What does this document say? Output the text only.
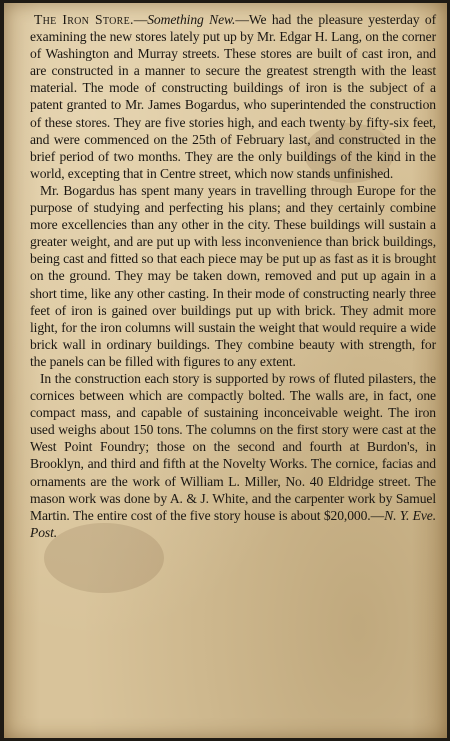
The Iron Store.—Something New.—We had the pleasure yesterday of examining the new stores lately put up by Mr. Edgar H. Lang, on the corner of Washington and Murray streets. These stores are built of cast iron, and are constructed in a manner to secure the greatest strength with the least material. The mode of constructing buildings of iron is the subject of a patent granted to Mr. James Bogardus, who superintended the construction of these stores. They are five stories high, and each twenty by fifty-six feet, and were commenced on the 25th of February last, and constructed in the brief period of two months. They are the only buildings of the kind in the world, excepting that in Centre street, which now stands unfinished.

Mr. Bogardus has spent many years in travelling through Europe for the purpose of studying and perfecting his plans; and they certainly combine more excellencies than any other in the city. These buildings will sustain a greater weight, and are put up with less inconvenience than brick buildings, being cast and fitted so that each piece may be put up as fast as it is brought on the ground. They may be taken down, removed and put up again in a short time, like any other casting. In their mode of constructing nearly three feet of iron is gained over buildings put up with brick. They admit more light, for the iron columns will sustain the weight that would require a wide brick wall in ordinary buildings. They combine beauty with strength, for the panels can be filled with figures to any extent.

In the construction each story is supported by rows of fluted pilasters, the cornices between which are compactly bolted. The walls are, in fact, one compact mass, and capable of sustaining inconceivable weight. The iron used weighs about 150 tons. The columns on the first story were cast at the West Point Foundry; those on the second and fourth at Burdon's, in Brooklyn, and third and fifth at the Novelty Works. The cornice, facias and ornaments are the work of William L. Miller, No. 40 Eldridge street. The mason work was done by A. & J. White, and the carpenter work by Samuel Martin. The entire cost of the five story house is about $20,000.—N. Y. Eve. Post.
